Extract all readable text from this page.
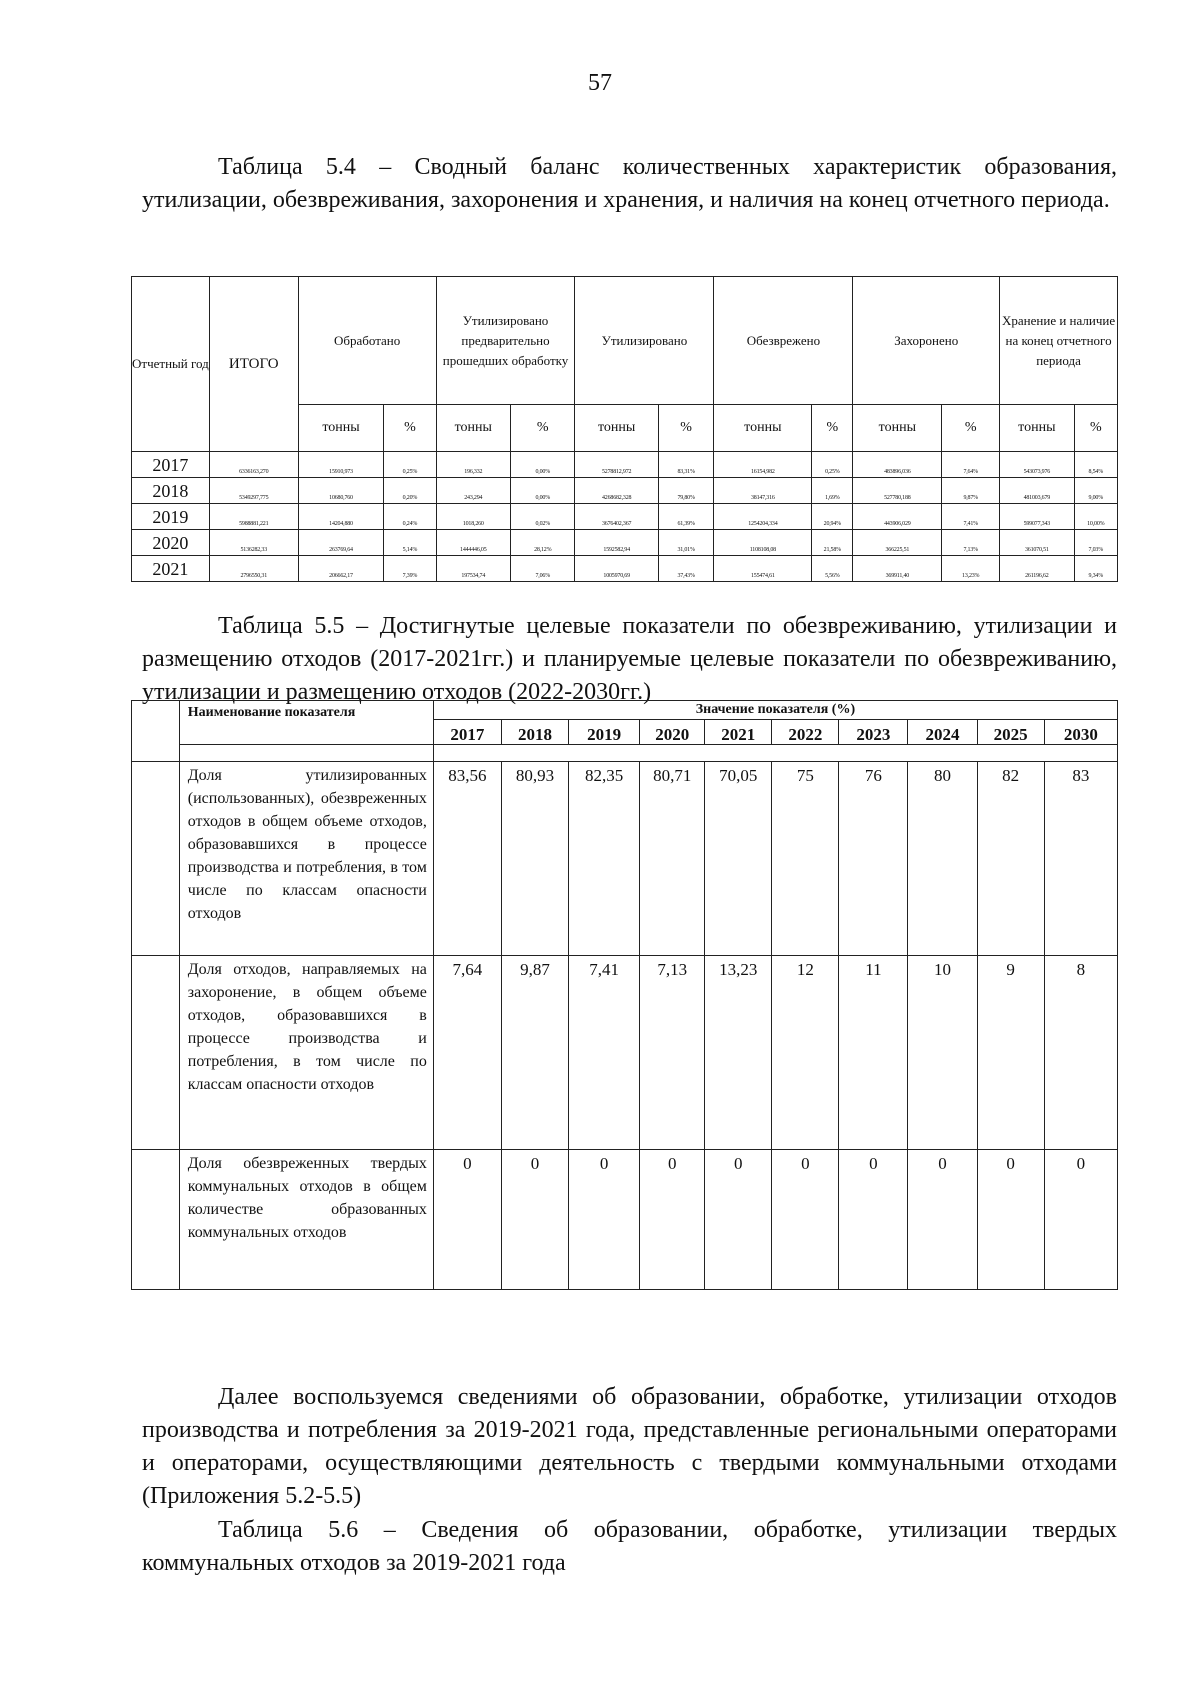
57

Таблица 5.4 – Сводный баланс количественных характеристик образования, утилизации, обезвреживания, захоронения и хранения, и наличия на конец отчетного периода.

Отчетный год	ИТОГО	Обработано		Утилизировано предварительно прошедших обработку		Утилизировано		Обезврежено		Захоронено		Хранение и наличие на конец отчетного периода	
		тонны	%	тонны	%	тонны	%	тонны	%	тонны	%	тонны	%
2017	6336163,270	15910,973	0,25%	196,332	0,00%	5278812,972	83,31%	16154,982	0,25%	483896,036	7,64%	543073,976	8,54%
2018	5349297,775	10680,760	0,20%	243,294	0,00%	4268682,328	79,80%	38147,316	1,69%	527780,188	9,87%	481003,679	9,00%
2019	5988881,221	14204,880	0,24%	1018,260	0,02%	3676402,367	61,39%	1254204,334	20,94%	443906,029	7,41%	599077,343	10,00%
2020	5136282,33	263769,64	5,14%	1444446,05	28,12%	1592582,94	31,01%	1108108,08	21,58%	366225,51	7,13%	361070,51	7,03%
2021	2796550,31	206662,17	7,39%	197534,74	7,06%	1005970,69	37,43%	155474,61	5,56%	369911,40	13,23%	261196,62	9,34%

Таблица 5.5 – Достигнутые целевые показатели по обезвреживанию, утилизации и размещению отходов (2017-2021гг.) и планируемые целевые показатели по обезвреживанию, утилизации и размещению отходов (2022-2030гг.)

	Наименование показателя	Значение показателя (%)									
		2017	2018	2019	2020	2021	2022	2023	2024	2025	2030

	Доля утилизированных (использованных), обезвреженных отходов в общем объеме отходов, образовавшихся в процессе производства и потребления, в том числе по классам опасности отходов	83,56	80,93	82,35	80,71	70,05	75	76	80	82	83
	Доля отходов, направляемых на захоронение, в общем объеме отходов, образовавшихся в процессе производства и потребления, в том числе по классам опасности отходов	7,64	9,87	7,41	7,13	13,23	12	11	10	9	8
	Доля обезвреженных твердых коммунальных отходов в общем количестве образованных коммунальных отходов	0	0	0	0	0	0	0	0	0	0

Далее воспользуемся сведениями об образовании, обработке, утилизации отходов производства и потребления за 2019-2021 года, представленные региональными операторами и операторами, осуществляющими деятельность с твердыми коммунальными отходами (Приложения 5.2-5.5)

Таблица 5.6 – Сведения об образовании, обработке, утилизации твердых коммунальных отходов за 2019-2021 года
